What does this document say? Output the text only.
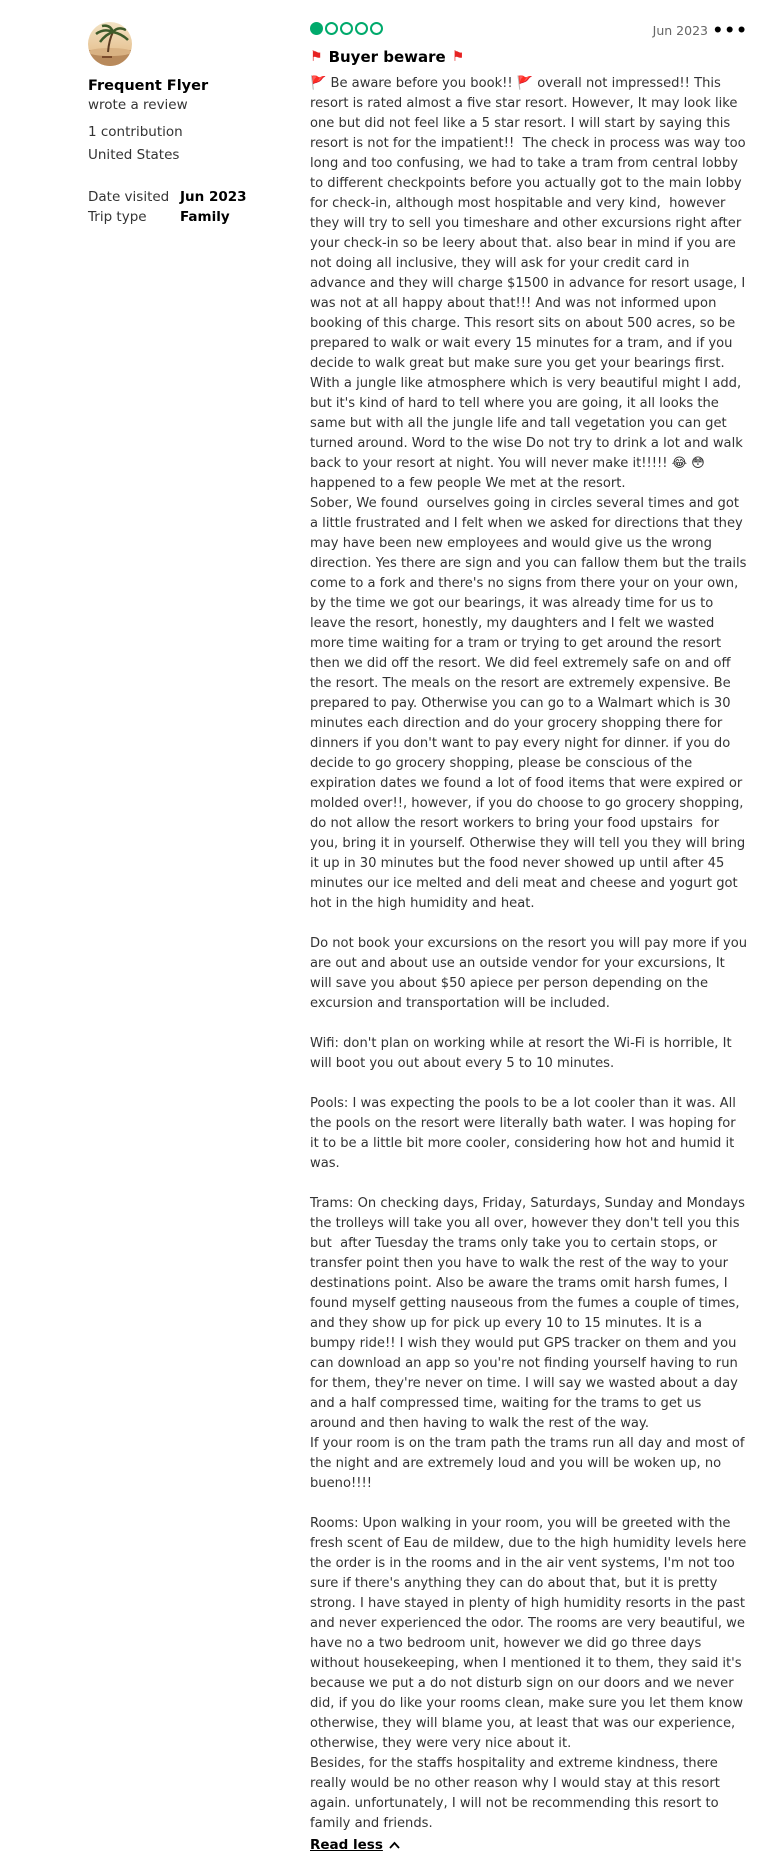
Frequent Flyer
wrote a review
1 contribution
United States
Date visited Jun 2023
Trip type	Family
Jun 2023 •••
⚑ Buyer beware ⚑
🚩 Be aware before you book!! 🚩 overall not impressed!! This resort is rated almost a five star resort. However, It may look like one but did not feel like a 5 star resort. I will start by saying this resort is not for the impatient!!  The check in process was way too long and too confusing, we had to take a tram from central lobby to different checkpoints before you actually got to the main lobby for check-in, although most hospitable and very kind,  however they will try to sell you timeshare and other excursions right after your check-in so be leery about that. also bear in mind if you are not doing all inclusive, they will ask for your credit card in advance and they will charge $1500 in advance for resort usage, I was not at all happy about that!!! And was not informed upon booking of this charge. This resort sits on about 500 acres, so be prepared to walk or wait every 15 minutes for a tram, and if you decide to walk great but make sure you get your bearings first. With a jungle like atmosphere which is very beautiful might I add, but it's kind of hard to tell where you are going, it all looks the same but with all the jungle life and tall vegetation you can get turned around. Word to the wise Do not try to drink a lot and walk back to your resort at night. You will never make it!!!!! 😂 😳 happened to a few people We met at the resort.
Sober, We found  ourselves going in circles several times and got a little frustrated and I felt when we asked for directions that they may have been new employees and would give us the wrong direction. Yes there are sign and you can fallow them but the trails come to a fork and there's no signs from there your on your own, by the time we got our bearings, it was already time for us to leave the resort, honestly, my daughters and I felt we wasted more time waiting for a tram or trying to get around the resort then we did off the resort. We did feel extremely safe on and off the resort. The meals on the resort are extremely expensive. Be prepared to pay. Otherwise you can go to a Walmart which is 30 minutes each direction and do your grocery shopping there for dinners if you don't want to pay every night for dinner. if you do decide to go grocery shopping, please be conscious of the expiration dates we found a lot of food items that were expired or molded over!!, however, if you do choose to go grocery shopping, do not allow the resort workers to bring your food upstairs  for you, bring it in yourself. Otherwise they will tell you they will bring it up in 30 minutes but the food never showed up until after 45 minutes our ice melted and deli meat and cheese and yogurt got hot in the high humidity and heat.

Do not book your excursions on the resort you will pay more if you are out and about use an outside vendor for your excursions, It will save you about $50 apiece per person depending on the excursion and transportation will be included.

Wifi: don't plan on working while at resort the Wi-Fi is horrible, It will boot you out about every 5 to 10 minutes.

Pools: I was expecting the pools to be a lot cooler than it was. All the pools on the resort were literally bath water. I was hoping for it to be a little bit more cooler, considering how hot and humid it was.

Trams: On checking days, Friday, Saturdays, Sunday and Mondays the trolleys will take you all over, however they don't tell you this but  after Tuesday the trams only take you to certain stops, or transfer point then you have to walk the rest of the way to your destinations point. Also be aware the trams omit harsh fumes, I found myself getting nauseous from the fumes a couple of times, and they show up for pick up every 10 to 15 minutes. It is a bumpy ride!! I wish they would put GPS tracker on them and you can download an app so you're not finding yourself having to run for them, they're never on time. I will say we wasted about a day and a half compressed time, waiting for the trams to get us around and then having to walk the rest of the way.
If your room is on the tram path the trams run all day and most of the night and are extremely loud and you will be woken up, no bueno!!!!

Rooms: Upon walking in your room, you will be greeted with the fresh scent of Eau de mildew, due to the high humidity levels here the order is in the rooms and in the air vent systems, I'm not too sure if there's anything they can do about that, but it is pretty strong. I have stayed in plenty of high humidity resorts in the past and never experienced the odor. The rooms are very beautiful, we have no a two bedroom unit, however we did go three days without housekeeping, when I mentioned it to them, they said it's because we put a do not disturb sign on our doors and we never did, if you do like your rooms clean, make sure you let them know otherwise, they will blame you, at least that was our experience, otherwise, they were very nice about it.
Besides, for the staffs hospitality and extreme kindness, there really would be no other reason why I would stay at this resort again. unfortunately, I will not be recommending this resort to family and friends.
Read less
